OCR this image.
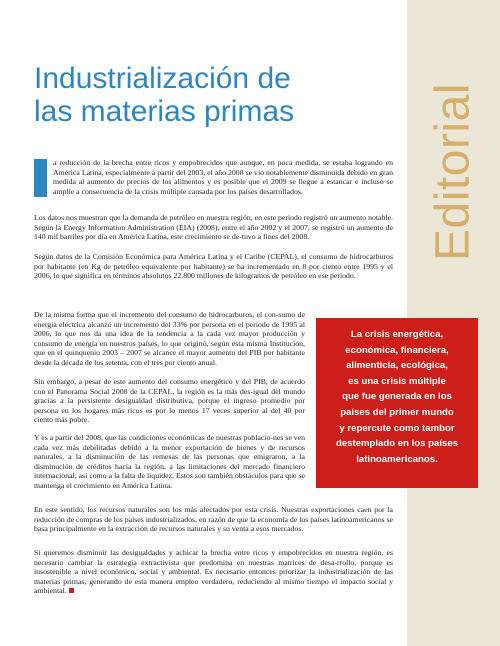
Editorial
Industrialización de
las materias primas

a reducción de la brecha entre ricos y empobrecidos que aunque, en poca medida, se estaba logrando en América Latina, especialmente a partir del 2003, el año 2008 se vio notablemente disminuida debido en gran medida al aumento de precios de los alimentos y es posible que el 2009 se llegue a estancar e incluso se amplíe a consecuencia de la crisis múltiple causada por los países desarrollados.

Los datos nos muestran que la demanda de petróleo en nuestra región, en este periodo registró un aumento notable. Según la Energy Information Administration (EIA) (2008), entre el año 2002 y el 2007, se registró un aumento de 140 mil barriles por día en América Latina, este crecimiento se de-tuvo a fines del 2008.

Según datos de la Comisión Económica para América Latina y el Caribe (CEPAL), el consumo de hidrocarburos por habitante (en Kg de petróleo equivalente por habitante) se ha incrementado en 8 por ciento entre 1995 y el 2006, lo que significa en términos absolutos 22.800 millones de kilogramos de petróleo en ese periodo.

De la misma forma que el incremento del consumo de hidrocarburos, el con-sumo de energía eléctrica alcanzó un incremento del 33% por persona en el periodo de 1995 al 2006, lo que nos da una idea de la tendencia a la cada vez mayor producción y consumo de energía en nuestros países, lo que originó, según esta misma Institución, que en el quinquenio 2003 – 2007 se alcance el mayor aumento del PIB por habitante desde la década de los setenta, con el tres por ciento anual.

Sin embargo, a pesar de este aumento del consumo energético y del PIB, de acuerdo con el Panorama Social 2008 de la CEPAL, la región es la más des-igual del mundo gracias a la persistente desigualdad distributiva, porque el ingreso promedio por persona en los hogares más ricos es por lo menos 17 veces superior al del 40 por ciento más pobre.

Y es a partir del 2008, que las condiciones económicas de nuestras poblacio-nes se ven cada vez más debilitadas debido a la menor exportación de bienes y de recursos naturales, a la disminución de las remesas de las personas que emigraron, a la disminución de créditos hacia la región, a las limitaciones del mercado financiero internacional, así como a la falta de liquidez. Estos son también obstáculos para que se mantenga el crecimiento en América Latina.

En este sentido, los recursos naturales son los más afectados por esta crisis. Nuestras exportaciones caen por la reducción de compras de los países industrializados, en razón de que la economía de los países latinoamericanos se basa principalmente en la extracción de recursos naturales y su venta a esos mercados.

Si queremos disminuir las desigualdades y achicar la brecha entre ricos y empobrecidos en nuestra región, es necesario cambiar la estrategia extractivista que predomina en nuestras matrices de desa-rrollo, porque es insostenible a nivel económico, social y ambiental. Es necesario entonces priorizar la industrialización de las materias primas, generando de esta manera empleo verdadero, reduciendo al mismo tiempo el impacto social y ambiental.

La crisis energética,
económica, financiera,
alimenticia, ecológica,
es una crisis múltiple
que fue generada en los
países del primer mundo
y repercute como tambor
destemplado en los países
latinoamericanos.
